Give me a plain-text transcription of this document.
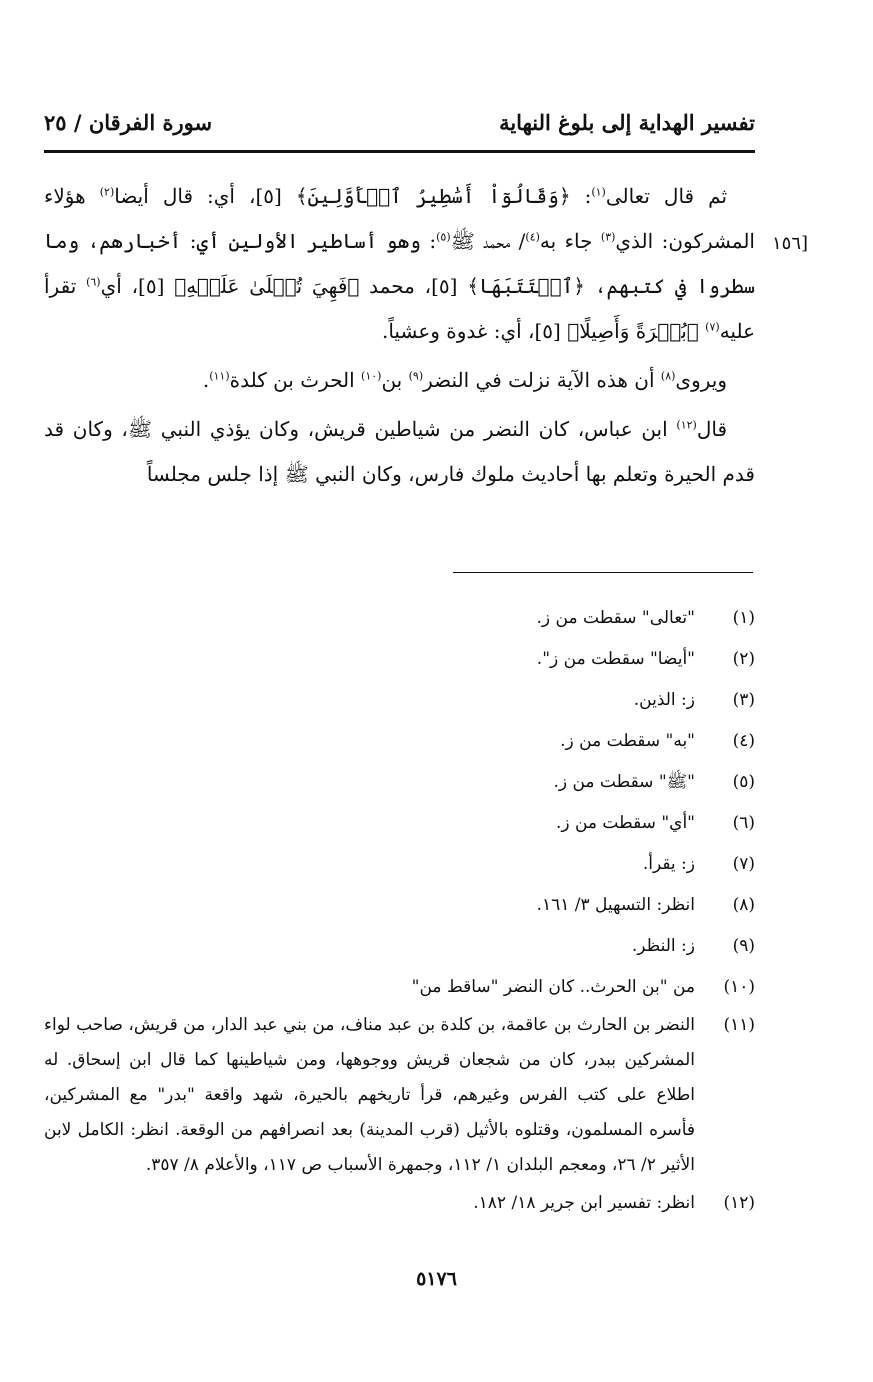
تفسير الهداية إلى بلوغ النهاية
سورة الفرقان / ٢٥
[١٥٦

ثم قال تعالى$^{(١)}$: ﴿وَقَالُوٓاْ أَسَٰطِيرُ ٱلۡأَوَّلِينَ﴾ [٥]، أي: قال أيضا$^{(٢)}$ هؤلاء المشركون: الذي$^{(٣)}$ جاء به$^{(٤)}$/ محمد ﷺ$^{(٥)}$: وهو أساطير الأولين أي: أخبارهم، وما سطروا في كتبهم، ﴿ٱكۡتَتَبَهَا﴾ [٥]، محمد ﴿فَهِيَ تُمۡلَىٰ عَلَيۡهِ﴾ [٥]، أي$^{(٦)}$ تقرأ عليه$^{(٧)}$ ﴿بُكۡرَةً وَأَصِيلًا﴾ [٥]، أي: غدوة وعشياً.

ويروى$^{(٨)}$ أن هذه الآية نزلت في النضر$^{(٩)}$ بن$^{(١٠)}$ الحرث بن كلدة$^{(١١)}$.

قال$^{(١٢)}$ ابن عباس، كان النضر من شياطين قريش، وكان يؤذي النبي ﷺ، وكان قد قدم الحيرة وتعلم بها أحاديث ملوك فارس، وكان النبي ﷺ إذا جلس مجلساً

(١)
"تعالى" سقطت من ز.
(٢)
"أيضا" سقطت من ز".
(٣)
ز: الذين.
(٤)
"به" سقطت من ز.
(٥)
"ﷺ" سقطت من ز.
(٦)
"أي" سقطت من ز.
(٧)
ز: يقرأ.
(٨)
انظر: التسهيل ٣/ ١٦١.
(٩)
ز: النظر.
(١٠)
من "بن الحرث.. كان النضر "ساقط من"
(١١)
النضر بن الحارث بن عاقمة، بن كلدة بن عبد مناف، من بني عبد الدار، من قريش، صاحب لواء المشركين ببدر، كان من شجعان قريش ووجوهها، ومن شياطينها كما قال ابن إسحاق. له اطلاع على كتب الفرس وغيرهم، قرأ تاريخهم بالحيرة، شهد واقعة "بدر" مع المشركين، فأسره المسلمون، وقتلوه بالأثيل (قرب المدينة) بعد انصرافهم من الوقعة. انظر: الكامل لابن الأثير ٢/ ٢٦، ومعجم البلدان ١/ ١١٢، وجمهرة الأسباب ص ١١٧، والأعلام ٨/ ٣٥٧.
(١٢)
انظر: تفسير ابن جرير ١٨/ ١٨٢.
٥١٧٦
